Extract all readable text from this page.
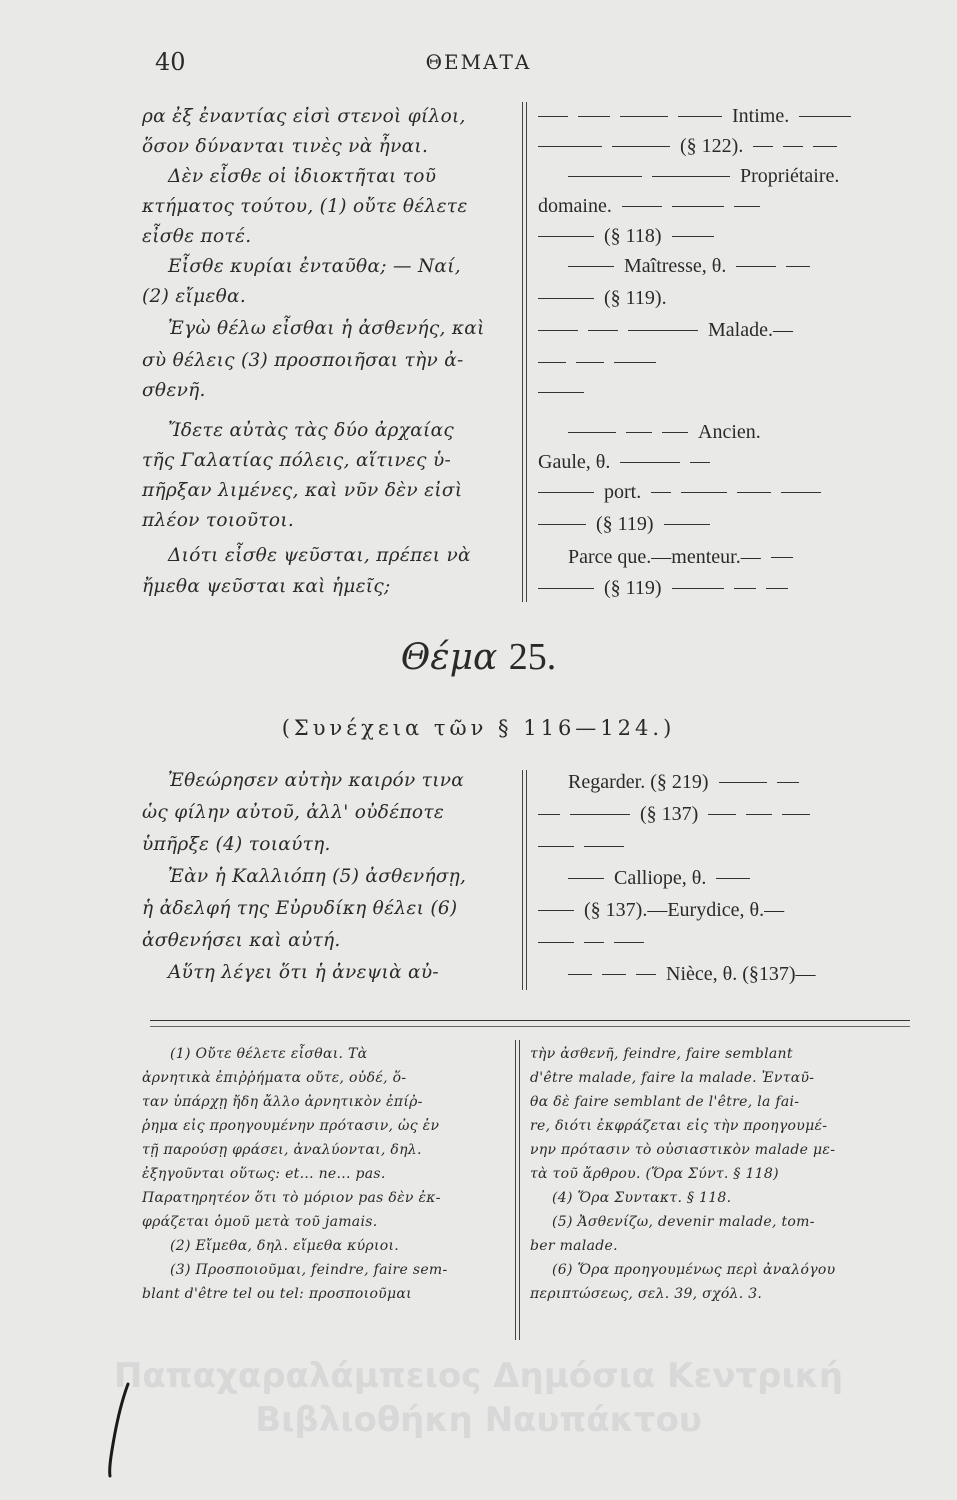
40	ΘΕΜΑΤΑ
ρα ἐξ ἐναντίας εἰσὶ στενοὶ φίλοι,
ὅσον δύνανται τινὲς νὰ ἦναι.
Δὲν εἶσθε οἱ ἰδιοκτῆται τοῦ
κτήματος τούτου, (1) οὔτε θέλετε
εἶσθε ποτέ.
Εἶσθε κυρίαι ἐνταῦθα; — Ναί,
(2) εἴμεθα.
Ἐγὼ θέλω εἶσθαι ἡ ἀσθενής, καὶ
σὺ θέλεις (3) προσποιῆσαι τὴν ἀ-
σθενῆ.
Ἴδετε αὐτὰς τὰς δύο ἀρχαίας
τῆς Γαλατίας πόλεις, αἵτινες ὑ-
πῆρξαν λιμένες, καὶ νῦν δὲν εἰσὶ
πλέον τοιοῦτοι.
Διότι εἶσθε ψεῦσται, πρέπει νὰ
ἤμεθα ψεῦσται καὶ ἡμεῖς;
Intime.
(§ 122).
Propriétaire.
domaine.
(§ 118)
Maîtresse, θ.
(§ 119).
Malade.—
Ancien.
Gaule, θ.
port.
(§ 119)
Parce que.—menteur.—
(§ 119)
Θέμα 25.
(Συνέχεια τῶν § 116—124.)
Ἐθεώρησεν αὐτὴν καιρόν τινα
ὡς φίλην αὐτοῦ, ἀλλ' οὐδέποτε
ὑπῆρξε (4) τοιαύτη.
Ἐὰν ἡ Καλλιόπη (5) ἀσθενήσῃ,
ἡ ἀδελφή της Εὐρυδίκη θέλει (6)
ἀσθενήσει καὶ αὐτή.
Αὕτη λέγει ὅτι ἡ ἀνεψιὰ αὐ-
Regarder. (§ 219)
(§ 137)
Calliope, θ.
(§ 137).—Eurydice, θ.—
Nièce, θ. (§137)—
(1) Οὔτε θέλετε εἶσθαι. Τὰ
ἀρνητικὰ ἐπιῤῥήματα οὔτε, οὐδέ, ὅ-
ταν ὑπάρχῃ ἤδη ἄλλο ἀρνητικὸν ἐπίῤ-
ῥημα εἰς προηγουμένην πρότασιν, ὡς ἐν
τῇ παρούσῃ φράσει, ἀναλύονται, δηλ.
ἐξηγοῦνται οὕτως: et... ne... pas.
Παρατηρητέον ὅτι τὸ μόριον pas δὲν ἐκ-
φράζεται ὁμοῦ μετὰ τοῦ jamais.
(2) Εἴμεθα, δηλ. εἴμεθα κύριοι.
(3) Προσποιοῦμαι, feindre, faire sem-
blant d'être tel ou tel: προσποιοῦμαι
τὴν ἀσθενῆ, feindre, faire semblant
d'être malade, faire la malade. Ἐνταῦ-
θα δὲ faire semblant de l'être, la fai-
re, διότι ἐκφράζεται εἰς τὴν προηγουμέ-
νην πρότασιν τὸ οὐσιαστικὸν malade με-
τὰ τοῦ ἄρθρου. (Ὅρα Σύντ. § 118)
(4) Ὅρα Συντακτ. § 118.
(5) Ἀσθενίζω, devenir malade, tom-
ber malade.
(6) Ὅρα προηγουμένως περὶ ἀναλόγου
περιπτώσεως, σελ. 39, σχόλ. 3.
Παπαχαραλάμπειος Δημόσια Κεντρική
Βιβλιοθήκη Ναυπάκτου
